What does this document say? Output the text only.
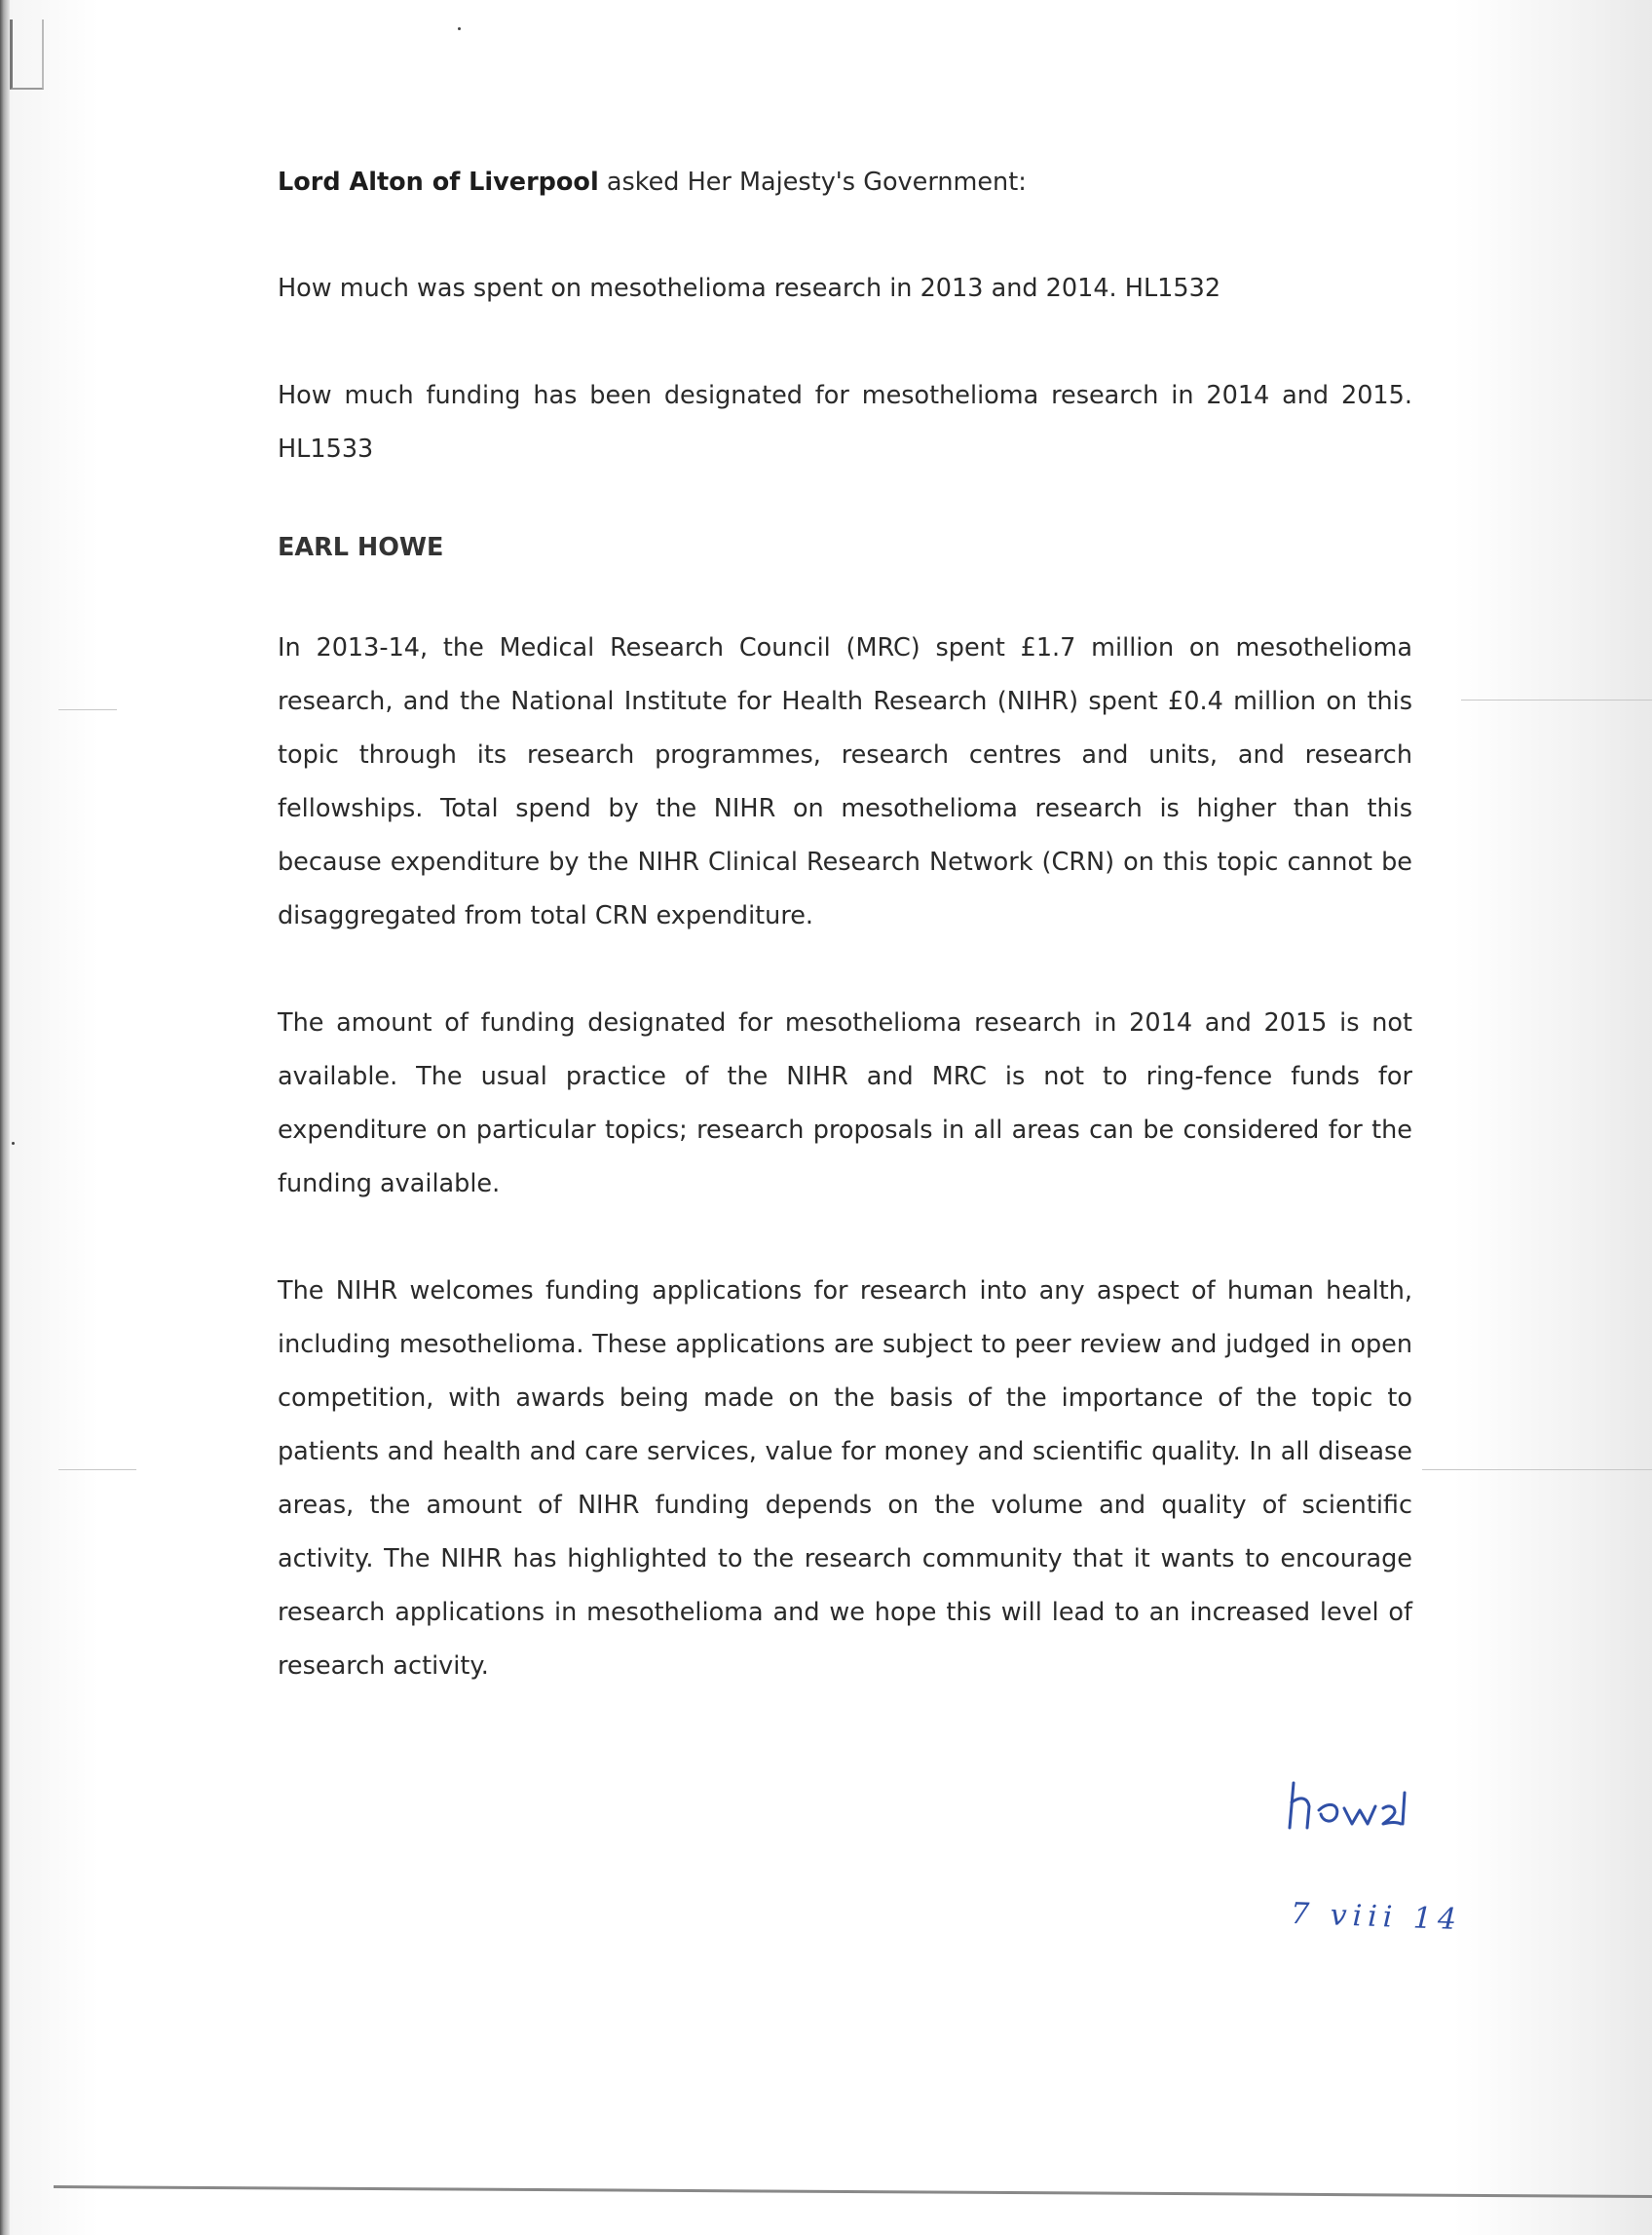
Lord Alton of Liverpool asked Her Majesty's Government:

How much was spent on mesothelioma research in 2013 and 2014. HL1532

How much funding has been designated for mesothelioma research in 2014 and 2015. HL1533

EARL HOWE

In 2013-14, the Medical Research Council (MRC) spent £1.7 million on mesothelioma research, and the National Institute for Health Research (NIHR) spent £0.4 million on this topic through its research programmes, research centres and units, and research fellowships. Total spend by the NIHR on mesothelioma research is higher than this because expenditure by the NIHR Clinical Research Network (CRN) on this topic cannot be disaggregated from total CRN expenditure.

The amount of funding designated for mesothelioma research in 2014 and 2015 is not available. The usual practice of the NIHR and MRC is not to ring-fence funds for expenditure on particular topics; research proposals in all areas can be considered for the funding available.

The NIHR welcomes funding applications for research into any aspect of human health, including mesothelioma. These applications are subject to peer review and judged in open competition, with awards being made on the basis of the importance of the topic to patients and health and care services, value for money and scientific quality. In all disease areas, the amount of NIHR funding depends on the volume and quality of scientific activity. The NIHR has highlighted to the research community that it wants to encourage research applications in mesothelioma and we hope this will lead to an increased level of research activity.

7 viii 14
